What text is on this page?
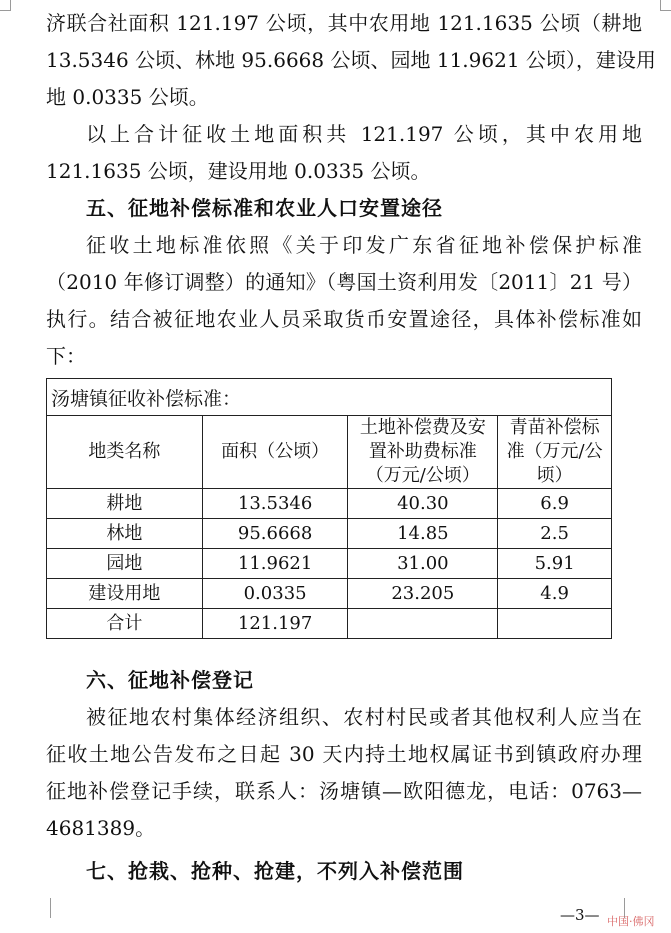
济联合社面积 121.197 公顷，其中农用地 121.1635 公顷（耕地
13.5346 公顷、林地 95.6668 公顷、园地 11.9621 公顷），建设用
地 0.0335 公顷。
以上合计征收土地面积共 121.197 公顷，其中农用地
121.1635 公顷，建设用地 0.0335 公顷。
五、征地补偿标准和农业人口安置途径
征收土地标准依照《关于印发广东省征地补偿保护标准
（2010 年修订调整）的通知》（粤国土资利用发〔2011〕21 号）
执行。结合被征地农业人员采取货币安置途径，具体补偿标准如
下：
汤塘镇征收补偿标准：			
地类名称	面积（公顷）	土地补偿费及安置补助费标准（万元/公顷）	青苗补偿标准（万元/公顷）
耕地	13.5346	40.30	6.9
林地	95.6668	14.85	2.5
园地	11.9621	31.00	5.91
建设用地	0.0335	23.205	4.9
合计	121.197		
六、征地补偿登记
被征地农村集体经济组织、农村村民或者其他权利人应当在
征收土地公告发布之日起 30 天内持土地权属证书到镇政府办理
征地补偿登记手续，联系人：汤塘镇—欧阳德龙，电话：0763—
4681389。
七、抢栽、抢种、抢建，不列入补偿范围
—3— 中国·佛冈
